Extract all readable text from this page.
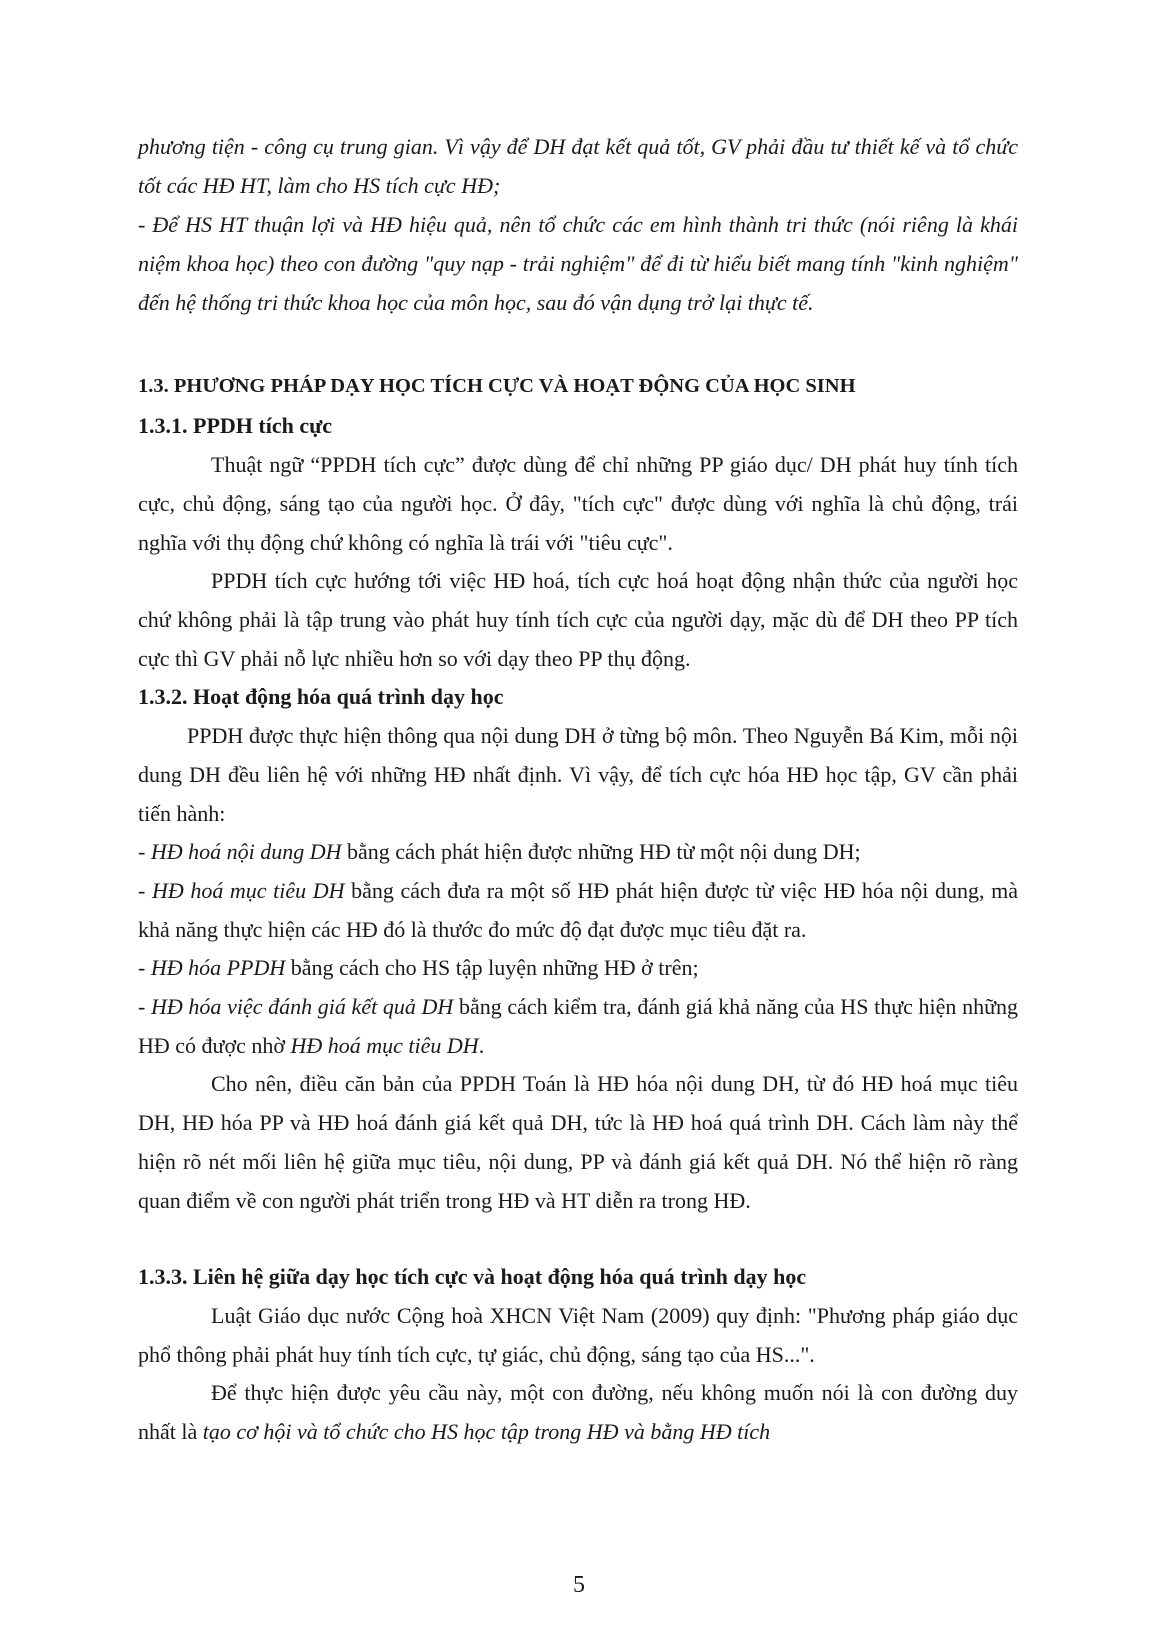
phương tiện - công cụ trung gian. Vì vậy để DH đạt kết quả tốt, GV phải đầu tư thiết kế và tổ chức tốt các HĐ HT, làm cho HS tích cực HĐ;

- Để HS HT thuận lợi và HĐ hiệu quả, nên tổ chức các em hình thành tri thức (nói riêng là khái niệm khoa học) theo con đường "quy nạp - trải nghiệm" để đi từ hiểu biết mang tính "kinh nghiệm" đến hệ thống tri thức khoa học của môn học, sau đó vận dụng trở lại thực tế.

1.3. PHƯƠNG PHÁP DẠY HỌC TÍCH CỰC VÀ HOẠT ĐỘNG CỦA HỌC SINH
1.3.1. PPDH tích cực

Thuật ngữ “PPDH tích cực” được dùng để chỉ những PP giáo dục/ DH phát huy tính tích cực, chủ động, sáng tạo của người học. Ở đây, "tích cực" được dùng với nghĩa là chủ động, trái nghĩa với thụ động chứ không có nghĩa là trái với "tiêu cực".

PPDH tích cực hướng tới việc HĐ hoá, tích cực hoá hoạt động nhận thức của người học chứ không phải là tập trung vào phát huy tính tích cực của người dạy, mặc dù để DH theo PP tích cực thì GV phải nỗ lực nhiều hơn so với dạy theo PP thụ động.

1.3.2. Hoạt động hóa quá trình dạy học

PPDH được thực hiện thông qua nội dung DH ở từng bộ môn. Theo Nguyễn Bá Kim, mỗi nội dung DH đều liên hệ với những HĐ nhất định. Vì vậy, để tích cực hóa HĐ học tập, GV cần phải tiến hành:

- HĐ hoá nội dung DH bằng cách phát hiện được những HĐ từ một nội dung DH;

- HĐ hoá mục tiêu DH bằng cách đưa ra một số HĐ phát hiện được từ việc HĐ hóa nội dung, mà khả năng thực hiện các HĐ đó là thước đo mức độ đạt được mục tiêu đặt ra.

- HĐ hóa PPDH bằng cách cho HS tập luyện những HĐ ở trên;

- HĐ hóa việc đánh giá kết quả DH bằng cách kiểm tra, đánh giá khả năng của HS thực hiện những HĐ có được nhờ HĐ hoá mục tiêu DH.

Cho nên, điều căn bản của PPDH Toán là HĐ hóa nội dung DH, từ đó HĐ hoá mục tiêu DH, HĐ hóa PP và HĐ hoá đánh giá kết quả DH, tức là HĐ hoá quá trình DH. Cách làm này thể hiện rõ nét mối liên hệ giữa mục tiêu, nội dung, PP và đánh giá kết quả DH. Nó thể hiện rõ ràng quan điểm về con người phát triển trong HĐ và HT diễn ra trong HĐ.

1.3.3. Liên hệ giữa dạy học tích cực và hoạt động hóa quá trình dạy học

Luật Giáo dục nước Cộng hoà XHCN Việt Nam (2009) quy định: "Phương pháp giáo dục phổ thông phải phát huy tính tích cực, tự giác, chủ động, sáng tạo của HS...".

Để thực hiện được yêu cầu này, một con đường, nếu không muốn nói là con đường duy nhất là tạo cơ hội và tổ chức cho HS học tập trong HĐ và bằng HĐ tích

5
